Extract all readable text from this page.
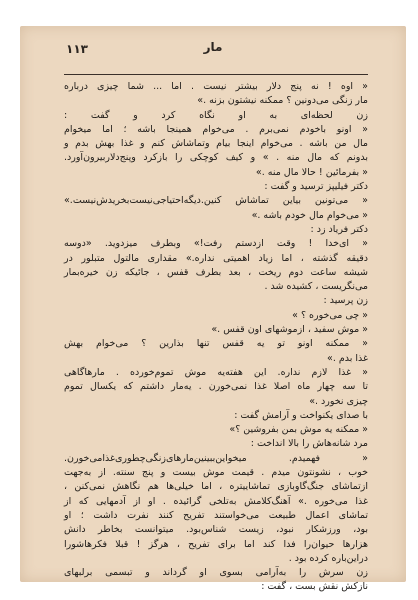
۱۱۳	مار
« اوه ! نه پنج دلار بیشتر نیست . اما ... شما چیزی درباره
مار زنگی می‌دونین ؟ ممکنه نیشتون بزنه .»
زن لحظه‌ای به او نگاه کرد و گفت :
« اونو باخودم نمی‌برم . می‌خوام همینجا باشه ؛ اما میخوام
مال من باشه . می‌خوام اینجا بیام وتماشاش کنم و غذا بهش بدم و
بدونم که مال منه . » و کیف کوچکی را بازکرد وپنج‌دلاربیرون‌آورد.
« بفرمائین ! حالا مال منه .»
دکتر فیلیپز ترسید و گفت :
« می‌تونین بیاین تماشاش کنین.دیگه‌احتیاجی‌نیست‌بخریدش‌نیست.»
« می‌خوام مال خودم باشه .»
دکتر فریاد زد :
« ای‌خدا ! وقت ازدستم رفت!» وبطرف میزدوید. «دوسه
دقیقه گذشته ، اما زیاد اهمیتی نداره.» مقداری مالتول متبلور در
شیشه ساعت دوم ریخت ، بعد بطرف قفس ، جائیکه زن خیره‌بمار
می‌نگریست ، کشیده شد .
زن پرسید :
« چی می‌خوره ؟ »
« موش سفید ، ازموشهای اون قفس .»
« ممکنه اونو تو یه قفس تنها بذارین ؟ می‌خوام بهش
غذا بدم .»
« غذا لازم نداره. این هفته‌یه موش تموم‌خورده . مارهاگاهی
تا سه چهار ماه اصلا غذا نمی‌خورن . یه‌مار داشتم که یکسال تموم
چیزی نخورد .»
با صدای یکنواخت و آرامش گفت :
« ممکنه یه موش بمن بفروشین ؟»
مرد شانه‌هاش را بالا انداخت :
« فهمیدم. میخواین‌ببینین‌مارهای‌زنگی‌چطوری‌غذامی‌خورن.
خوب ، نشونتون میدم . قیمت موش بیست و پنج سنته. از به‌جهت
ازتماشای جنگ‌گاوبازی تماشاییتره ، اما خیلی‌ها هم نگاهش نمی‌کنن ،
غذا می‌خوره .» آهنگ‌کلامش به‌تلخی گرائیده . او از آدمهایی که از
تماشای اعمال طبیعت می‌خواستند تفریح کنند نفرت داشت ؛ او
بود، ورزشکار نبود، زیست شناس‌بود. میتوانست بخاطر دانش
هزارها حیوان‌را فدا کند اما برای تفریح ، هرگز ! قبلا فکرهاشورا
دراین‌باره کرده بود .
زن سرش را به‌آرامی بسوی او گرداند و تبسمی برلبهای
نازکش نقش بست ، گفت :
